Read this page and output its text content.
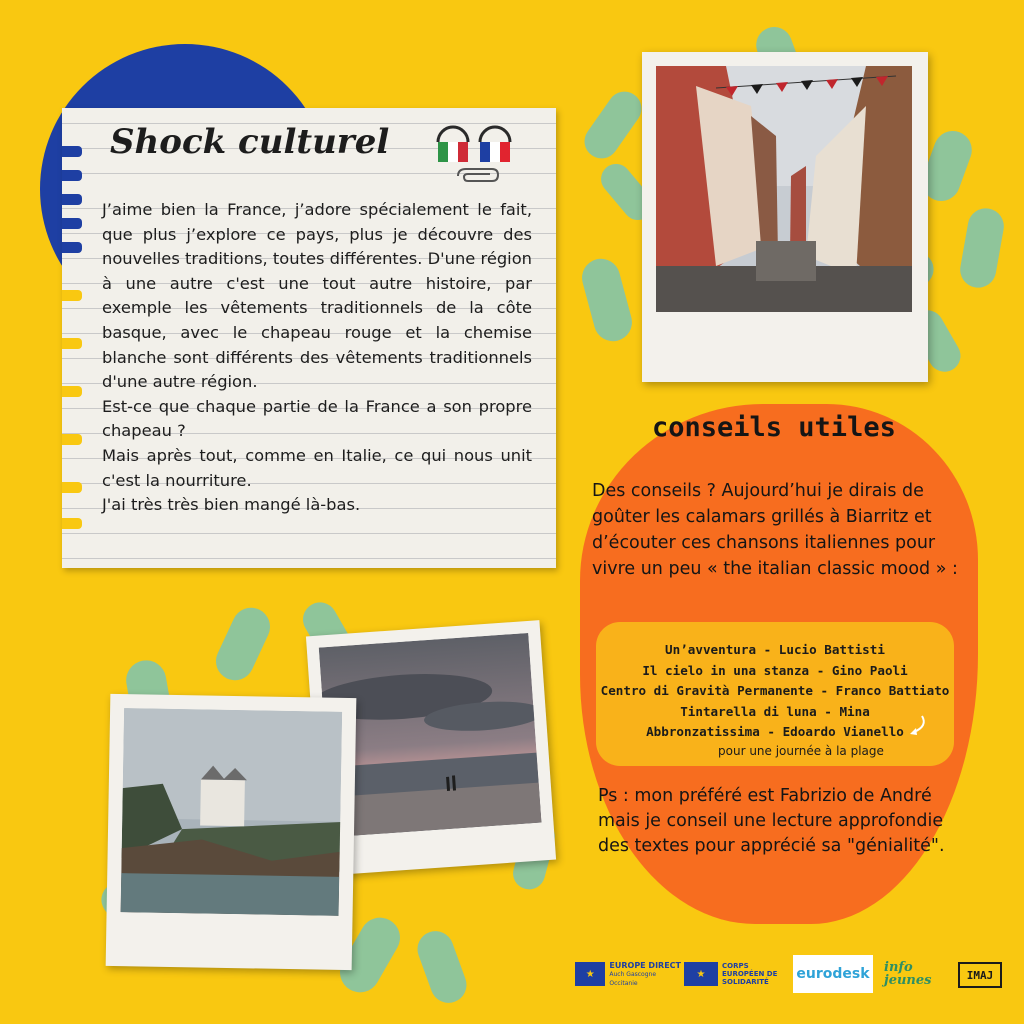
Shock culturel

J’aime bien la France, j’adore spécialement le fait, que plus j’explore ce pays, plus je découvre des nouvelles traditions, toutes différentes. D'une région à une autre c'est une tout autre histoire, par exemple les vêtements traditionnels de la côte basque, avec le chapeau rouge et la chemise blanche sont différents des vêtements traditionnels d'une autre région.

Est-ce que chaque partie de la France a son propre chapeau ?

Mais après tout, comme en Italie, ce qui nous unit c'est la nourriture.

J'ai très très bien mangé là-bas.

conseils utiles

Des conseils ? Aujourd’hui je dirais de goûter les calamars grillés à Biarritz et d’écouter ces chansons italiennes pour vivre un peu « the italian classic mood » :

Un’avventura - Lucio Battisti
Il cielo in una stanza - Gino Paoli
Centro di Gravità Permanente - Franco Battiato
Tintarella di luna - Mina
Abbronzatissima - Edoardo Vianello
pour une journée à la plage

Ps : mon préféré est Fabrizio de André mais je conseil une lecture approfondie des textes pour apprécié sa "génialité".

★
EUROPE DIRECT
Auch Gascogne Occitanie
★
CORPS EUROPÉEN DE SOLIDARITÉ	eurodesk info jeunes	IMAJ
